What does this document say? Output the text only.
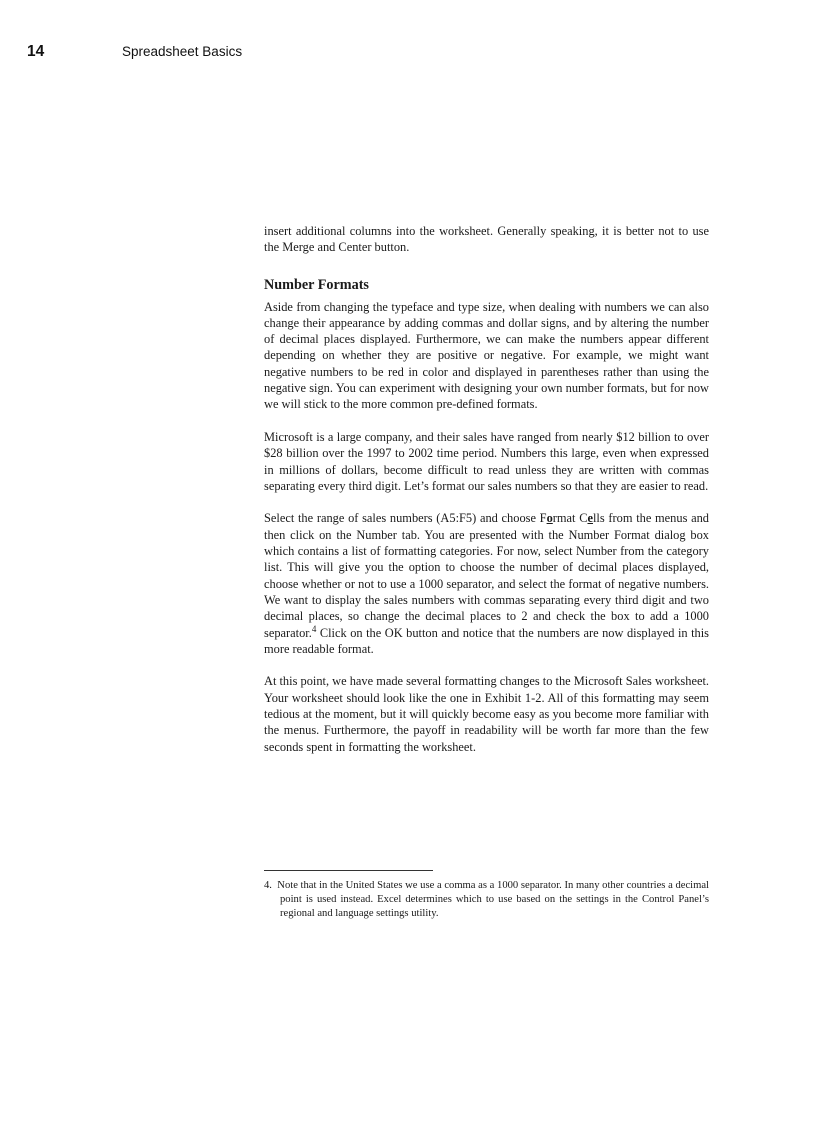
14	Spreadsheet Basics

insert additional columns into the worksheet. Generally speaking, it is better not to use the Merge and Center button.

Number Formats

Aside from changing the typeface and type size, when dealing with numbers we can also change their appearance by adding commas and dollar signs, and by altering the number of decimal places displayed. Furthermore, we can make the numbers appear different depending on whether they are positive or negative. For example, we might want negative numbers to be red in color and displayed in parentheses rather than using the negative sign. You can experiment with designing your own number formats, but for now we will stick to the more common pre-defined formats.

Microsoft is a large company, and their sales have ranged from nearly $12 billion to over $28 billion over the 1997 to 2002 time period. Numbers this large, even when expressed in millions of dollars, become difficult to read unless they are written with commas separating every third digit. Let’s format our sales numbers so that they are easier to read.

Select the range of sales numbers (A5:F5) and choose Format Cells from the menus and then click on the Number tab. You are presented with the Number Format dialog box which contains a list of formatting categories. For now, select Number from the category list. This will give you the option to choose the number of decimal places displayed, choose whether or not to use a 1000 separator, and select the format of negative numbers. We want to display the sales numbers with commas separating every third digit and two decimal places, so change the decimal places to 2 and check the box to add a 1000 separator.$^4$ Click on the OK button and notice that the numbers are now displayed in this more readable format.

At this point, we have made several formatting changes to the Microsoft Sales worksheet. Your worksheet should look like the one in Exhibit 1-2. All of this formatting may seem tedious at the moment, but it will quickly become easy as you become more familiar with the menus. Furthermore, the payoff in readability will be worth far more than the few seconds spent in formatting the worksheet.

4. Note that in the United States we use a comma as a 1000 separator. In many other countries a decimal point is used instead. Excel determines which to use based on the settings in the Control Panel’s regional and language settings utility.
